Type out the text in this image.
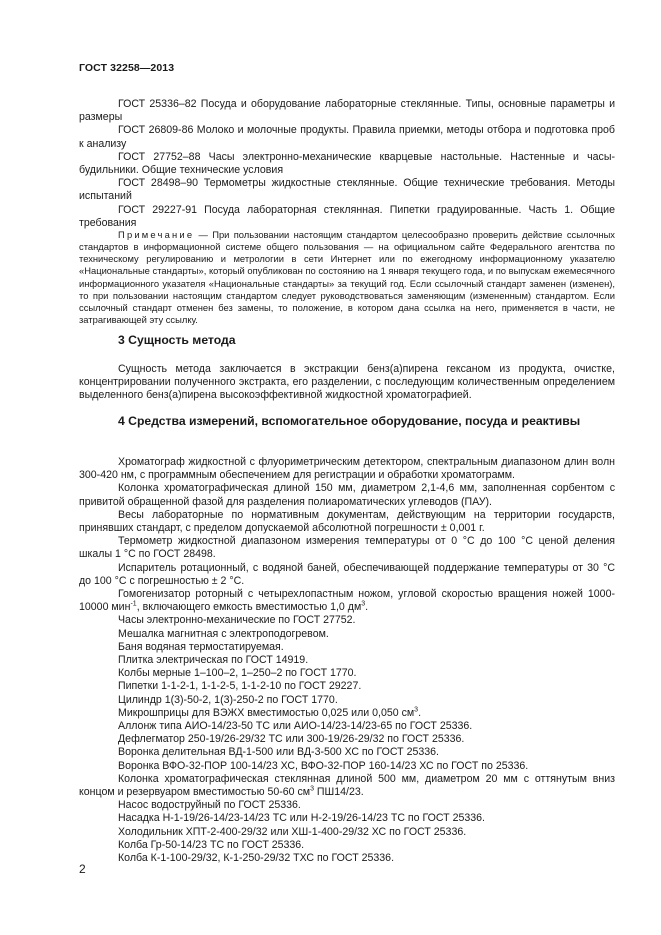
ГОСТ 32258—2013

ГОСТ 25336–82 Посуда и оборудование лабораторные стеклянные. Типы, основные параметры и размеры

ГОСТ 26809-86 Молоко и молочные продукты. Правила приемки, методы отбора и подготовка проб к анализу

ГОСТ 27752–88 Часы электронно-механические кварцевые настольные. Настенные и часы-будильники. Общие технические условия

ГОСТ 28498–90 Термометры жидкостные стеклянные. Общие технические требования. Методы испытаний

ГОСТ 29227-91 Посуда лабораторная стеклянная. Пипетки градуированные. Часть 1. Общие требования

Примечание — При пользовании настоящим стандартом целесообразно проверить действие ссылочных стандартов в информационной системе общего пользования — на официальном сайте Федерального агентства по техническому регулированию и метрологии в сети Интернет или по ежегодному информационному указателю «Национальные стандарты», который опубликован по состоянию на 1 января текущего года, и по выпускам ежемесячного информационного указателя «Национальные стандарты» за текущий год. Если ссылочный стандарт заменен (изменен), то при пользовании настоящим стандартом следует руководствоваться заменяющим (измененным) стандартом. Если ссылочный стандарт отменен без замены, то положение, в котором дана ссылка на него, применяется в части, не затрагивающей эту ссылку.

3 Сущность метода

Сущность метода заключается в экстракции бенз(а)пирена гексаном из продукта, очистке, концентрировании полученного экстракта, его разделении, с последующим количественным определением выделенного бенз(а)пирена высокоэффективной жидкостной хроматографией.

4 Средства измерений, вспомогательное оборудование, посуда и реактивы

Хроматограф жидкостной с флуориметрическим детектором, спектральным диапазоном длин волн 300-420 нм, с программным обеспечением для регистрации и обработки хроматограмм.

Колонка хроматографическая длиной 150 мм, диаметром 2,1-4,6 мм, заполненная сорбентом с привитой обращенной фазой для разделения полиароматических углеводов (ПАУ).

Весы лабораторные по нормативным документам, действующим на территории государств, принявших стандарт, с пределом допускаемой абсолютной погрешности ± 0,001 г.

Термометр жидкостной диапазоном измерения температуры от 0 °С до 100 °С ценой деления шкалы 1 °С по ГОСТ 28498.

Испаритель ротационный, с водяной баней, обеспечивающей поддержание температуры от 30 °С до 100 °С с погрешностью ± 2 °С.

Гомогенизатор роторный с четырехлопастным ножом, угловой скоростью вращения ножей 1000-10000 мин$^{-1}$, включающего емкость вместимостью 1,0 $дм^3$.

Часы электронно-механические по ГОСТ 27752.

Мешалка магнитная с электроподогревом.

Баня водяная термостатируемая.

Плитка электрическая по ГОСТ 14919.

Колбы мерные 1–100–2, 1–250–2 по ГОСТ 1770.

Пипетки 1-1-2-1, 1-1-2-5, 1-1-2-10 по ГОСТ 29227.

Цилиндр 1(3)-50-2, 1(3)-250-2 по ГОСТ 1770.

Микрошприцы для ВЭЖХ вместимостью 0,025 или 0,050 $см^3$.

Аллонж типа АИО-14/23-50 ТС или АИО-14/23-14/23-65 по ГОСТ 25336.

Дефлегматор 250-19/26-29/32 ТС или 300-19/26-29/32 по ГОСТ 25336.

Воронка делительная ВД-1-500 или ВД-3-500 ХС по ГОСТ 25336.

Воронка ВФО-32-ПОР 100-14/23 ХС, ВФО-32-ПОР 160-14/23 ХС по ГОСТ по 25336.

Колонка хроматографическая стеклянная длиной 500 мм, диаметром 20 мм с оттянутым вниз концом и резервуаром вместимостью 50-60 $см^3$ ПШ14/23.

Насос водоструйный по ГОСТ 25336.

Насадка Н-1-19/26-14/23-14/23 ТС или Н-2-19/26-14/23 ТС по ГОСТ 25336.

Холодильник ХПТ-2-400-29/32 или ХШ-1-400-29/32 ХС по ГОСТ 25336.

Колба Гр-50-14/23 ТС по ГОСТ 25336.

Колба К-1-100-29/32, К-1-250-29/32 ТХС по ГОСТ 25336.

2
